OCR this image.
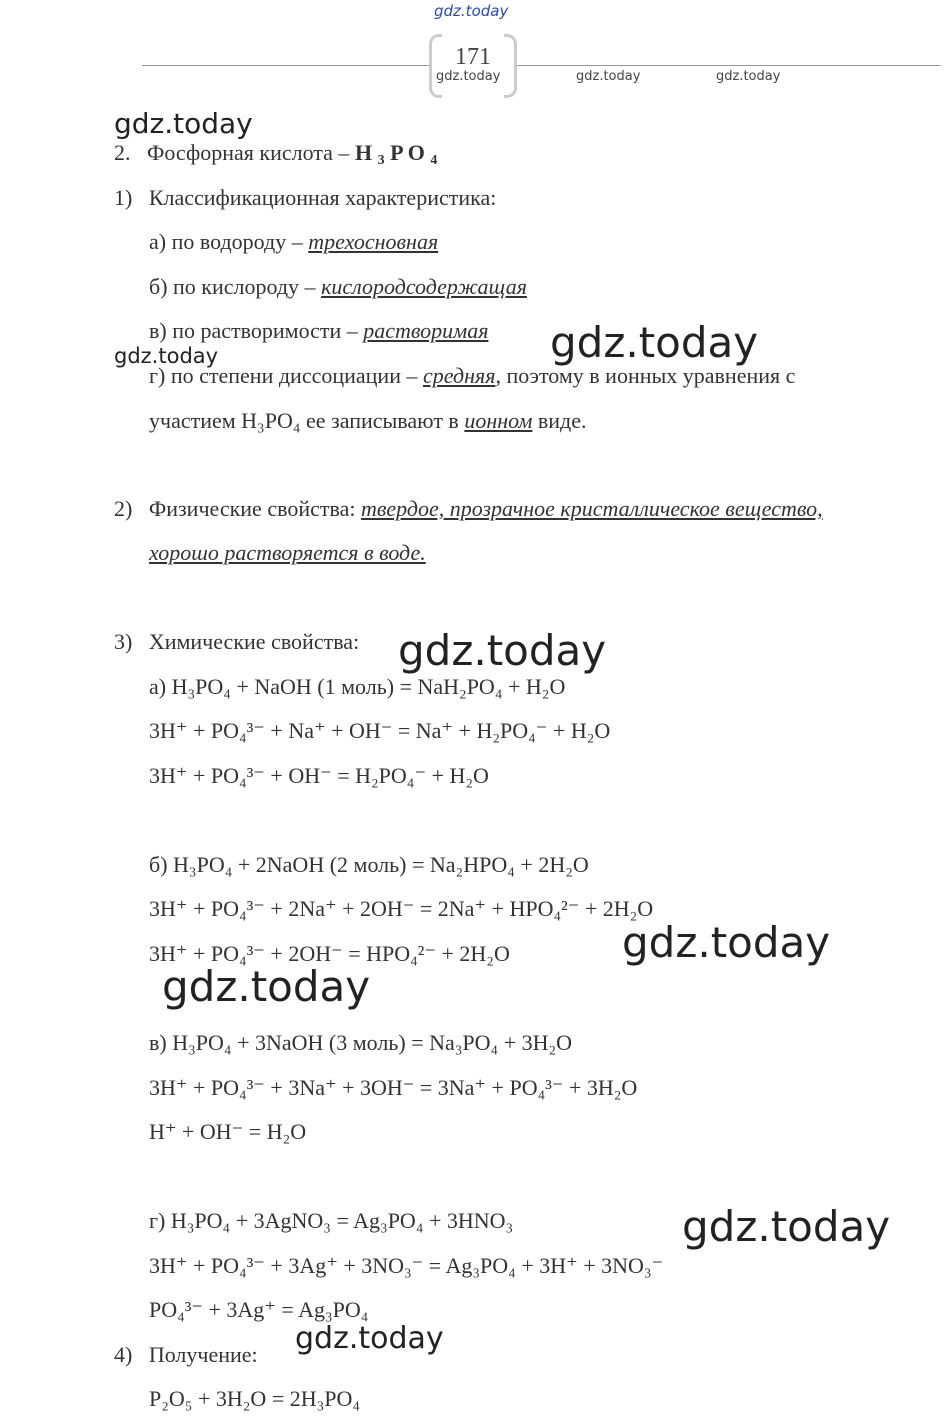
171
gdz.today
gdz.today	gdz.today	gdz.today
gdz.today
gdz.today	gdz.today
gdz.today
gdz.today
gdz.today
gdz.today
gdz.today
2. Фосфорная кислота – H $_3$ P O $_4$
1) Классификационная характеристика:
а) по водороду – трехосновная
б) по кислороду – кислородсодержащая
в) по растворимости – растворимая
г) по степени диссоциации – средняя, поэтому в ионных уравнения с
участием H₃PO₄ ее записывают в ионном виде.
2) Физические свойства: твердое, прозрачное кристаллическое вещество,
хорошо растворяется в воде.
3) Химические свойства:
а) H₃PO₄ + NaOH (1 моль) = NaH₂PO₄ + H₂O
3H⁺ + PO₄³⁻ + Na⁺ + OH⁻ = Na⁺ + H₂PO₄⁻ + H₂O
3H⁺ + PO₄³⁻ + OH⁻ = H₂PO₄⁻ + H₂O
б) H₃PO₄ + 2NaOH (2 моль) = Na₂HPO₄ + 2H₂O
3H⁺ + PO₄³⁻ + 2Na⁺ + 2OH⁻ = 2Na⁺ + HPO₄²⁻ + 2H₂O
3H⁺ + PO₄³⁻ + 2OH⁻ = HPO₄²⁻ + 2H₂O
в) H₃PO₄ + 3NaOH (3 моль) = Na₃PO₄ + 3H₂O
3H⁺ + PO₄³⁻ + 3Na⁺ + 3OH⁻ = 3Na⁺ + PO₄³⁻ + 3H₂O
H⁺ + OH⁻ = H₂O
г) H₃PO₄ + 3AgNO₃ = Ag₃PO₄ + 3HNO₃
3H⁺ + PO₄³⁻ + 3Ag⁺ + 3NO₃⁻ = Ag₃PO₄ + 3H⁺ + 3NO₃⁻
PO₄³⁻ + 3Ag⁺ = Ag₃PO₄
4) Получение:
P₂O₅ + 3H₂O = 2H₃PO₄
